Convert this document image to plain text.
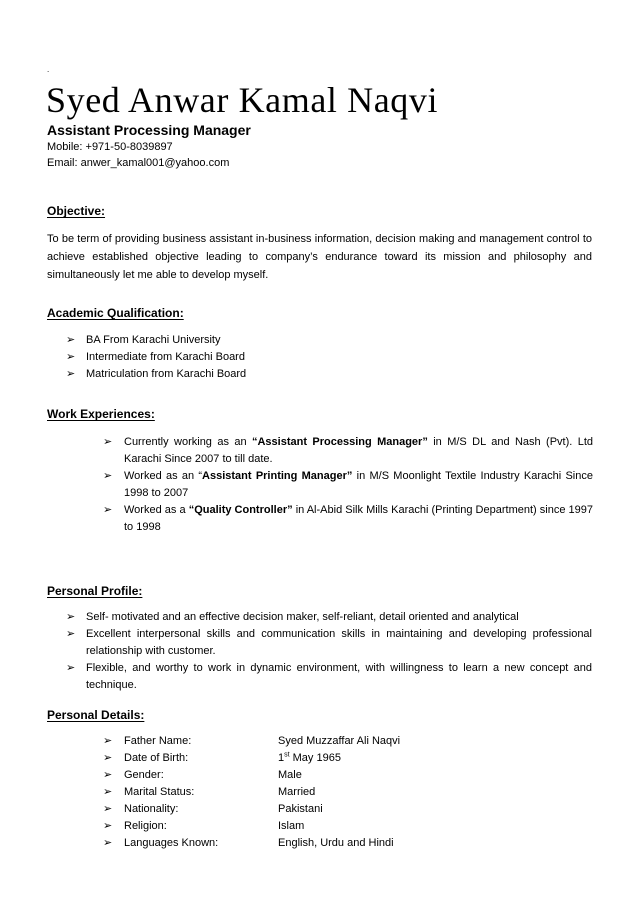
.
Syed Anwar Kamal Naqvi
Assistant Processing Manager
Mobile: +971-50-8039897
Email: anwer_kamal001@yahoo.com
Objective:
To be term of providing business assistant in-business information, decision making and management control to achieve established objective leading to company’s endurance toward its mission and philosophy and simultaneously let me able to develop myself.
Academic Qualification:
➢ BA From Karachi University
➢ Intermediate from Karachi Board
➢ Matriculation from Karachi Board
Work Experiences:
➢ Currently working as an “Assistant Processing Manager” in M/S DL and Nash (Pvt). Ltd Karachi Since 2007 to till date.
➢ Worked as an “Assistant Printing Manager” in M/S Moonlight Textile Industry Karachi Since 1998 to 2007
➢ Worked as a “Quality Controller” in Al-Abid Silk Mills Karachi (Printing Department) since 1997 to 1998
Personal Profile:
➢ Self- motivated and an effective decision maker, self-reliant, detail oriented and analytical
➢ Excellent interpersonal skills and communication skills in maintaining and developing professional relationship with customer.
➢ Flexible, and worthy to work in dynamic environment, with willingness to learn a new concept and technique.
Personal Details:
➢ Father Name:	Syed Muzzaffar Ali Naqvi
➢ Date of Birth:	1st May 1965
➢ Gender:	Male
➢ Marital Status:	Married
➢ Nationality:	Pakistani
➢ Religion:	Islam
➢ Languages Known:	English, Urdu and Hindi
